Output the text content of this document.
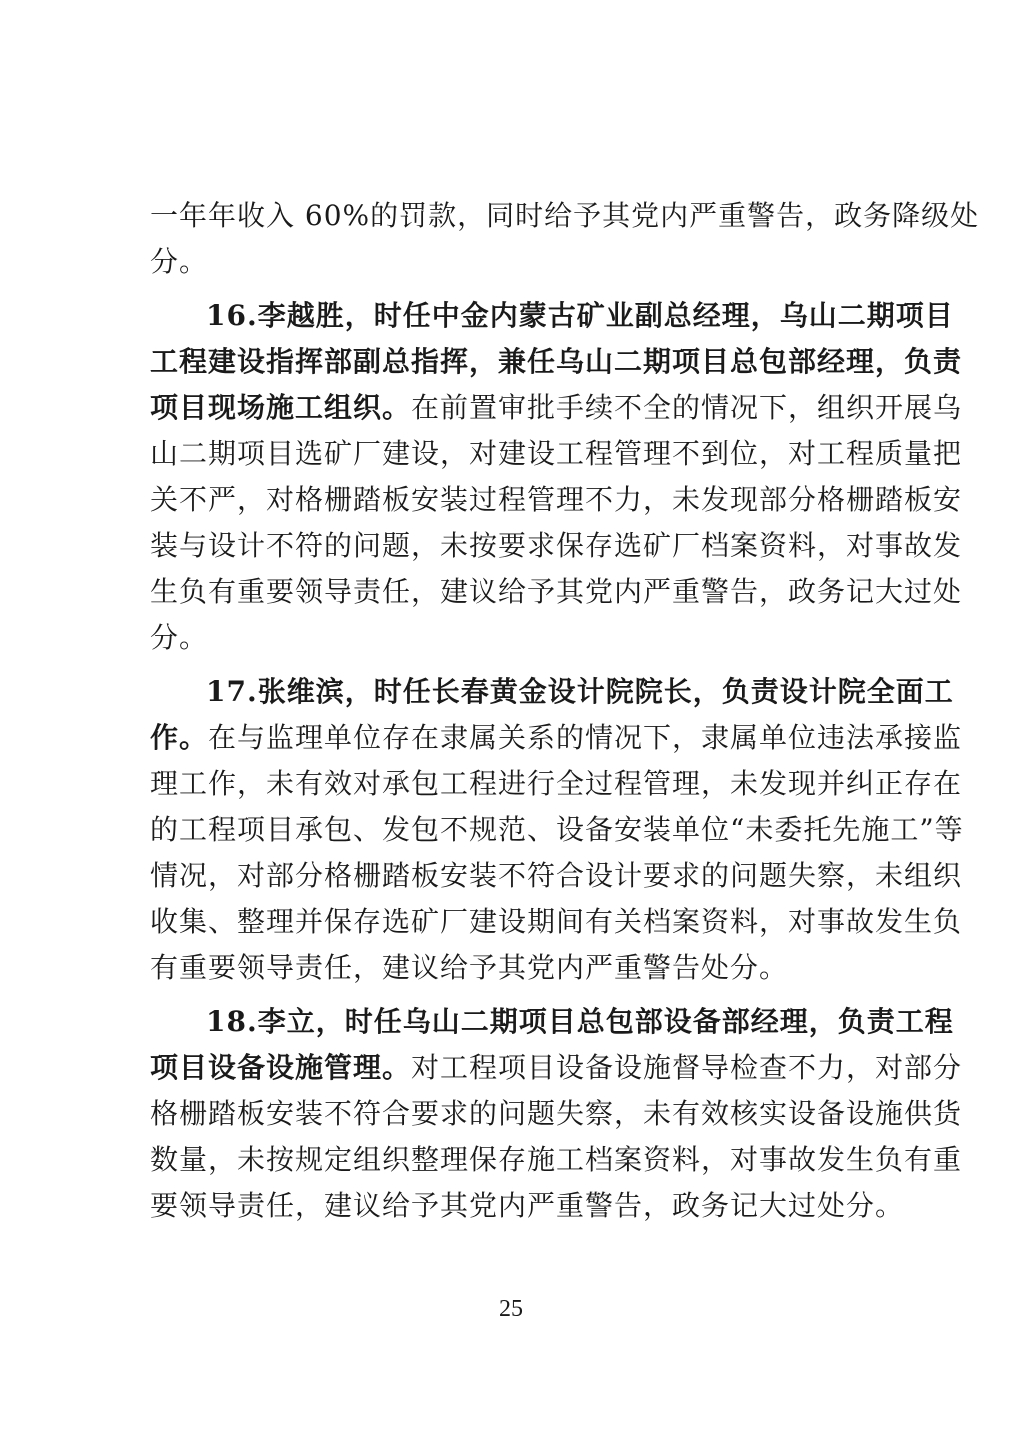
一年年收入 60%的罚款，同时给予其党内严重警告，政务降级处
分。
16.李越胜，时任中金内蒙古矿业副总经理，乌山二期项目
工程建设指挥部副总指挥，兼任乌山二期项目总包部经理，负责
项目现场施工组织。在前置审批手续不全的情况下，组织开展乌
山二期项目选矿厂建设，对建设工程管理不到位，对工程质量把
关不严，对格栅踏板安装过程管理不力，未发现部分格栅踏板安
装与设计不符的问题，未按要求保存选矿厂档案资料，对事故发
生负有重要领导责任，建议给予其党内严重警告，政务记大过处
分。
17.张维滨，时任长春黄金设计院院长，负责设计院全面工
作。在与监理单位存在隶属关系的情况下，隶属单位违法承接监
理工作，未有效对承包工程进行全过程管理，未发现并纠正存在
的工程项目承包、发包不规范、设备安装单位“未委托先施工”等
情况，对部分格栅踏板安装不符合设计要求的问题失察，未组织
收集、整理并保存选矿厂建设期间有关档案资料，对事故发生负
有重要领导责任，建议给予其党内严重警告处分。
18.李立，时任乌山二期项目总包部设备部经理，负责工程
项目设备设施管理。对工程项目设备设施督导检查不力，对部分
格栅踏板安装不符合要求的问题失察，未有效核实设备设施供货
数量，未按规定组织整理保存施工档案资料，对事故发生负有重
要领导责任，建议给予其党内严重警告，政务记大过处分。
25
